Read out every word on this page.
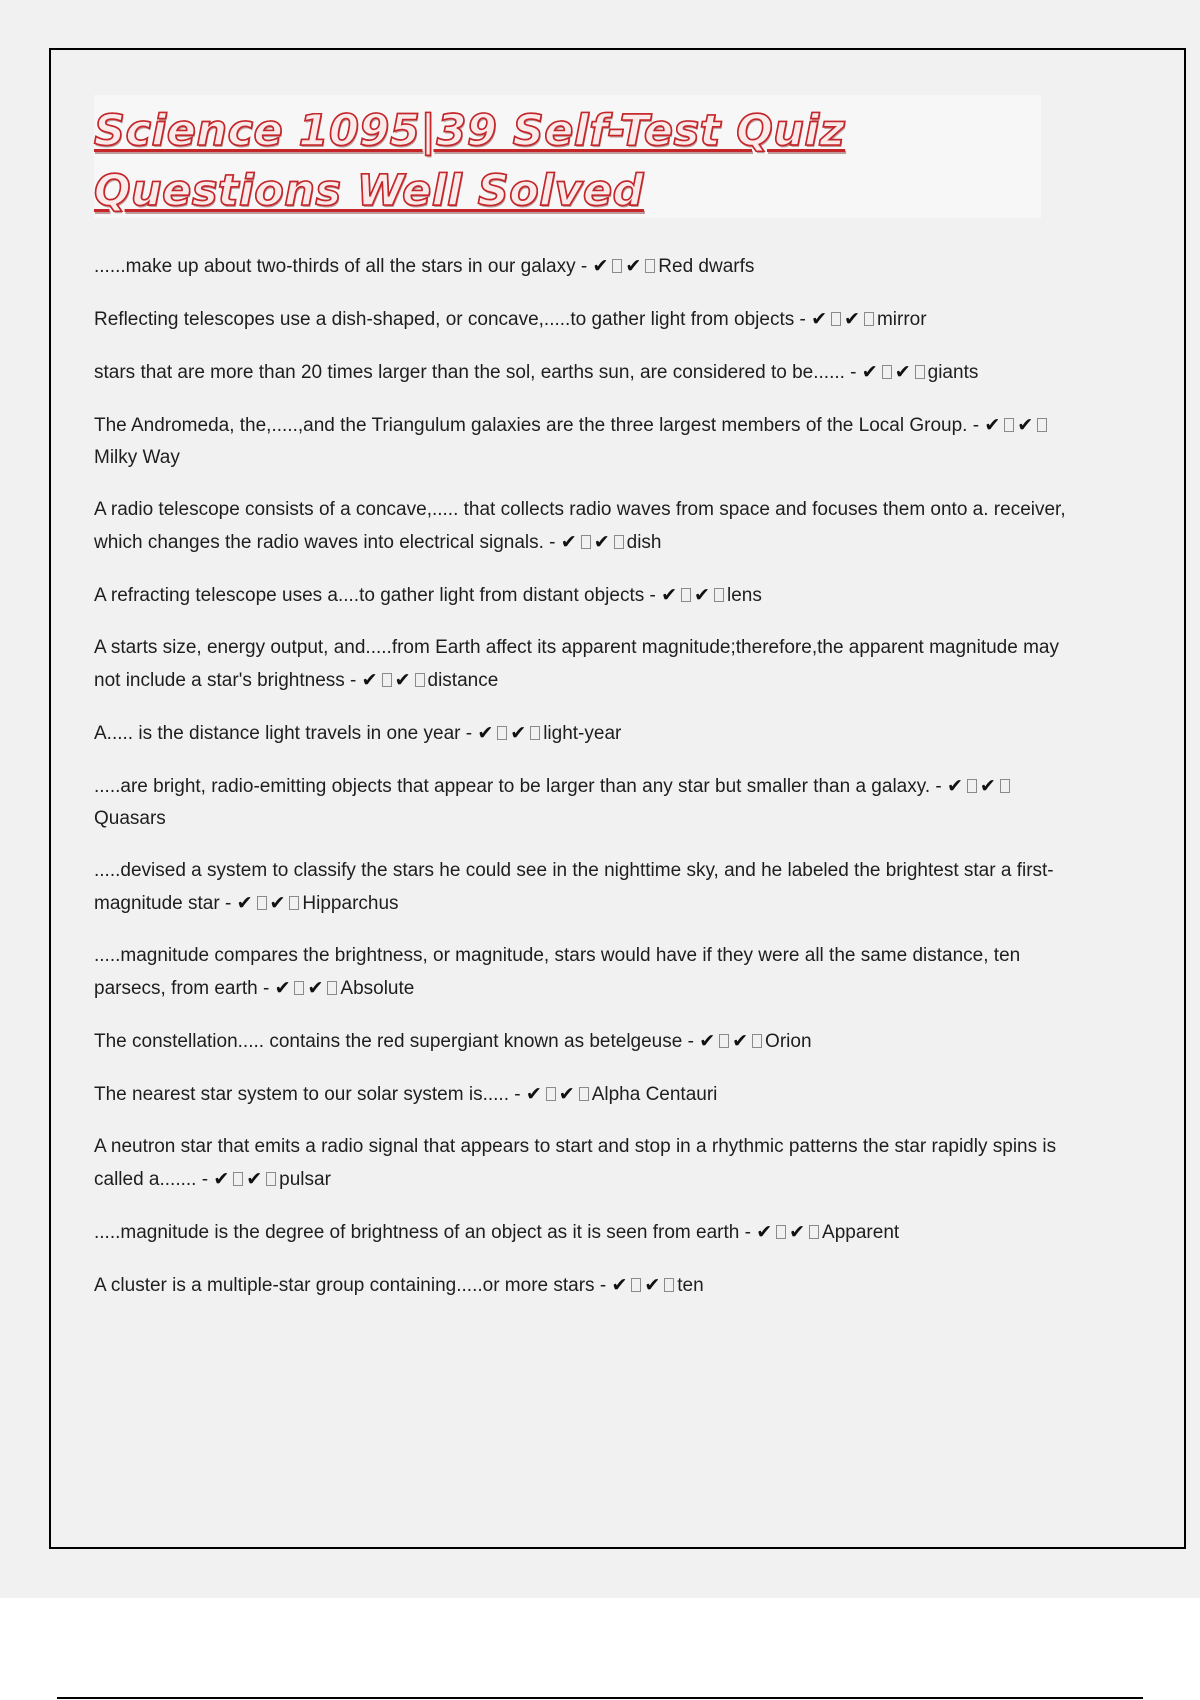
Science 1095|39 Self-Test Quiz
Questions Well Solved
......make up about two-thirds of all the stars in our galaxy - ✔ ✔ Red dwarfs
Reflecting telescopes use a dish-shaped, or concave,.....to gather light from objects - ✔ ✔ mirror
stars that are more than 20 times larger than the sol, earths sun, are considered to be...... - ✔ ✔ giants
The Andromeda, the,.....,and the Triangulum galaxies are the three largest members of the Local Group. - ✔ ✔Milky Way
A radio telescope consists of a concave,..... that collects radio waves from space and focuses them onto a. receiver, which changes the radio waves into electrical signals. - ✔ ✔ dish
A refracting telescope uses a....to gather light from distant objects - ✔ ✔ lens
A starts size, energy output, and.....from Earth affect its apparent magnitude;therefore,the apparent magnitude may not include a star's brightness - ✔ ✔ distance
A..... is the distance light travels in one year - ✔ ✔ light-year
.....are bright, radio-emitting objects that appear to be larger than any star but smaller than a galaxy. - ✔ ✔Quasars
.....devised a system to classify the stars he could see in the nighttime sky, and he labeled the brightest star a first-magnitude star - ✔ ✔ Hipparchus
.....magnitude compares the brightness, or magnitude, stars would have if they were all the same distance, ten parsecs, from earth - ✔ ✔ Absolute
The constellation..... contains the red supergiant known as betelgeuse - ✔ ✔ Orion
The nearest star system to our solar system is..... - ✔ ✔ Alpha Centauri
A neutron star that emits a radio signal that appears to start and stop in a rhythmic patterns the star rapidly spins is called a....... - ✔ ✔ pulsar
.....magnitude is the degree of brightness of an object as it is seen from earth - ✔ ✔ Apparent
A cluster is a multiple-star group containing.....or more stars - ✔ ✔ ten
